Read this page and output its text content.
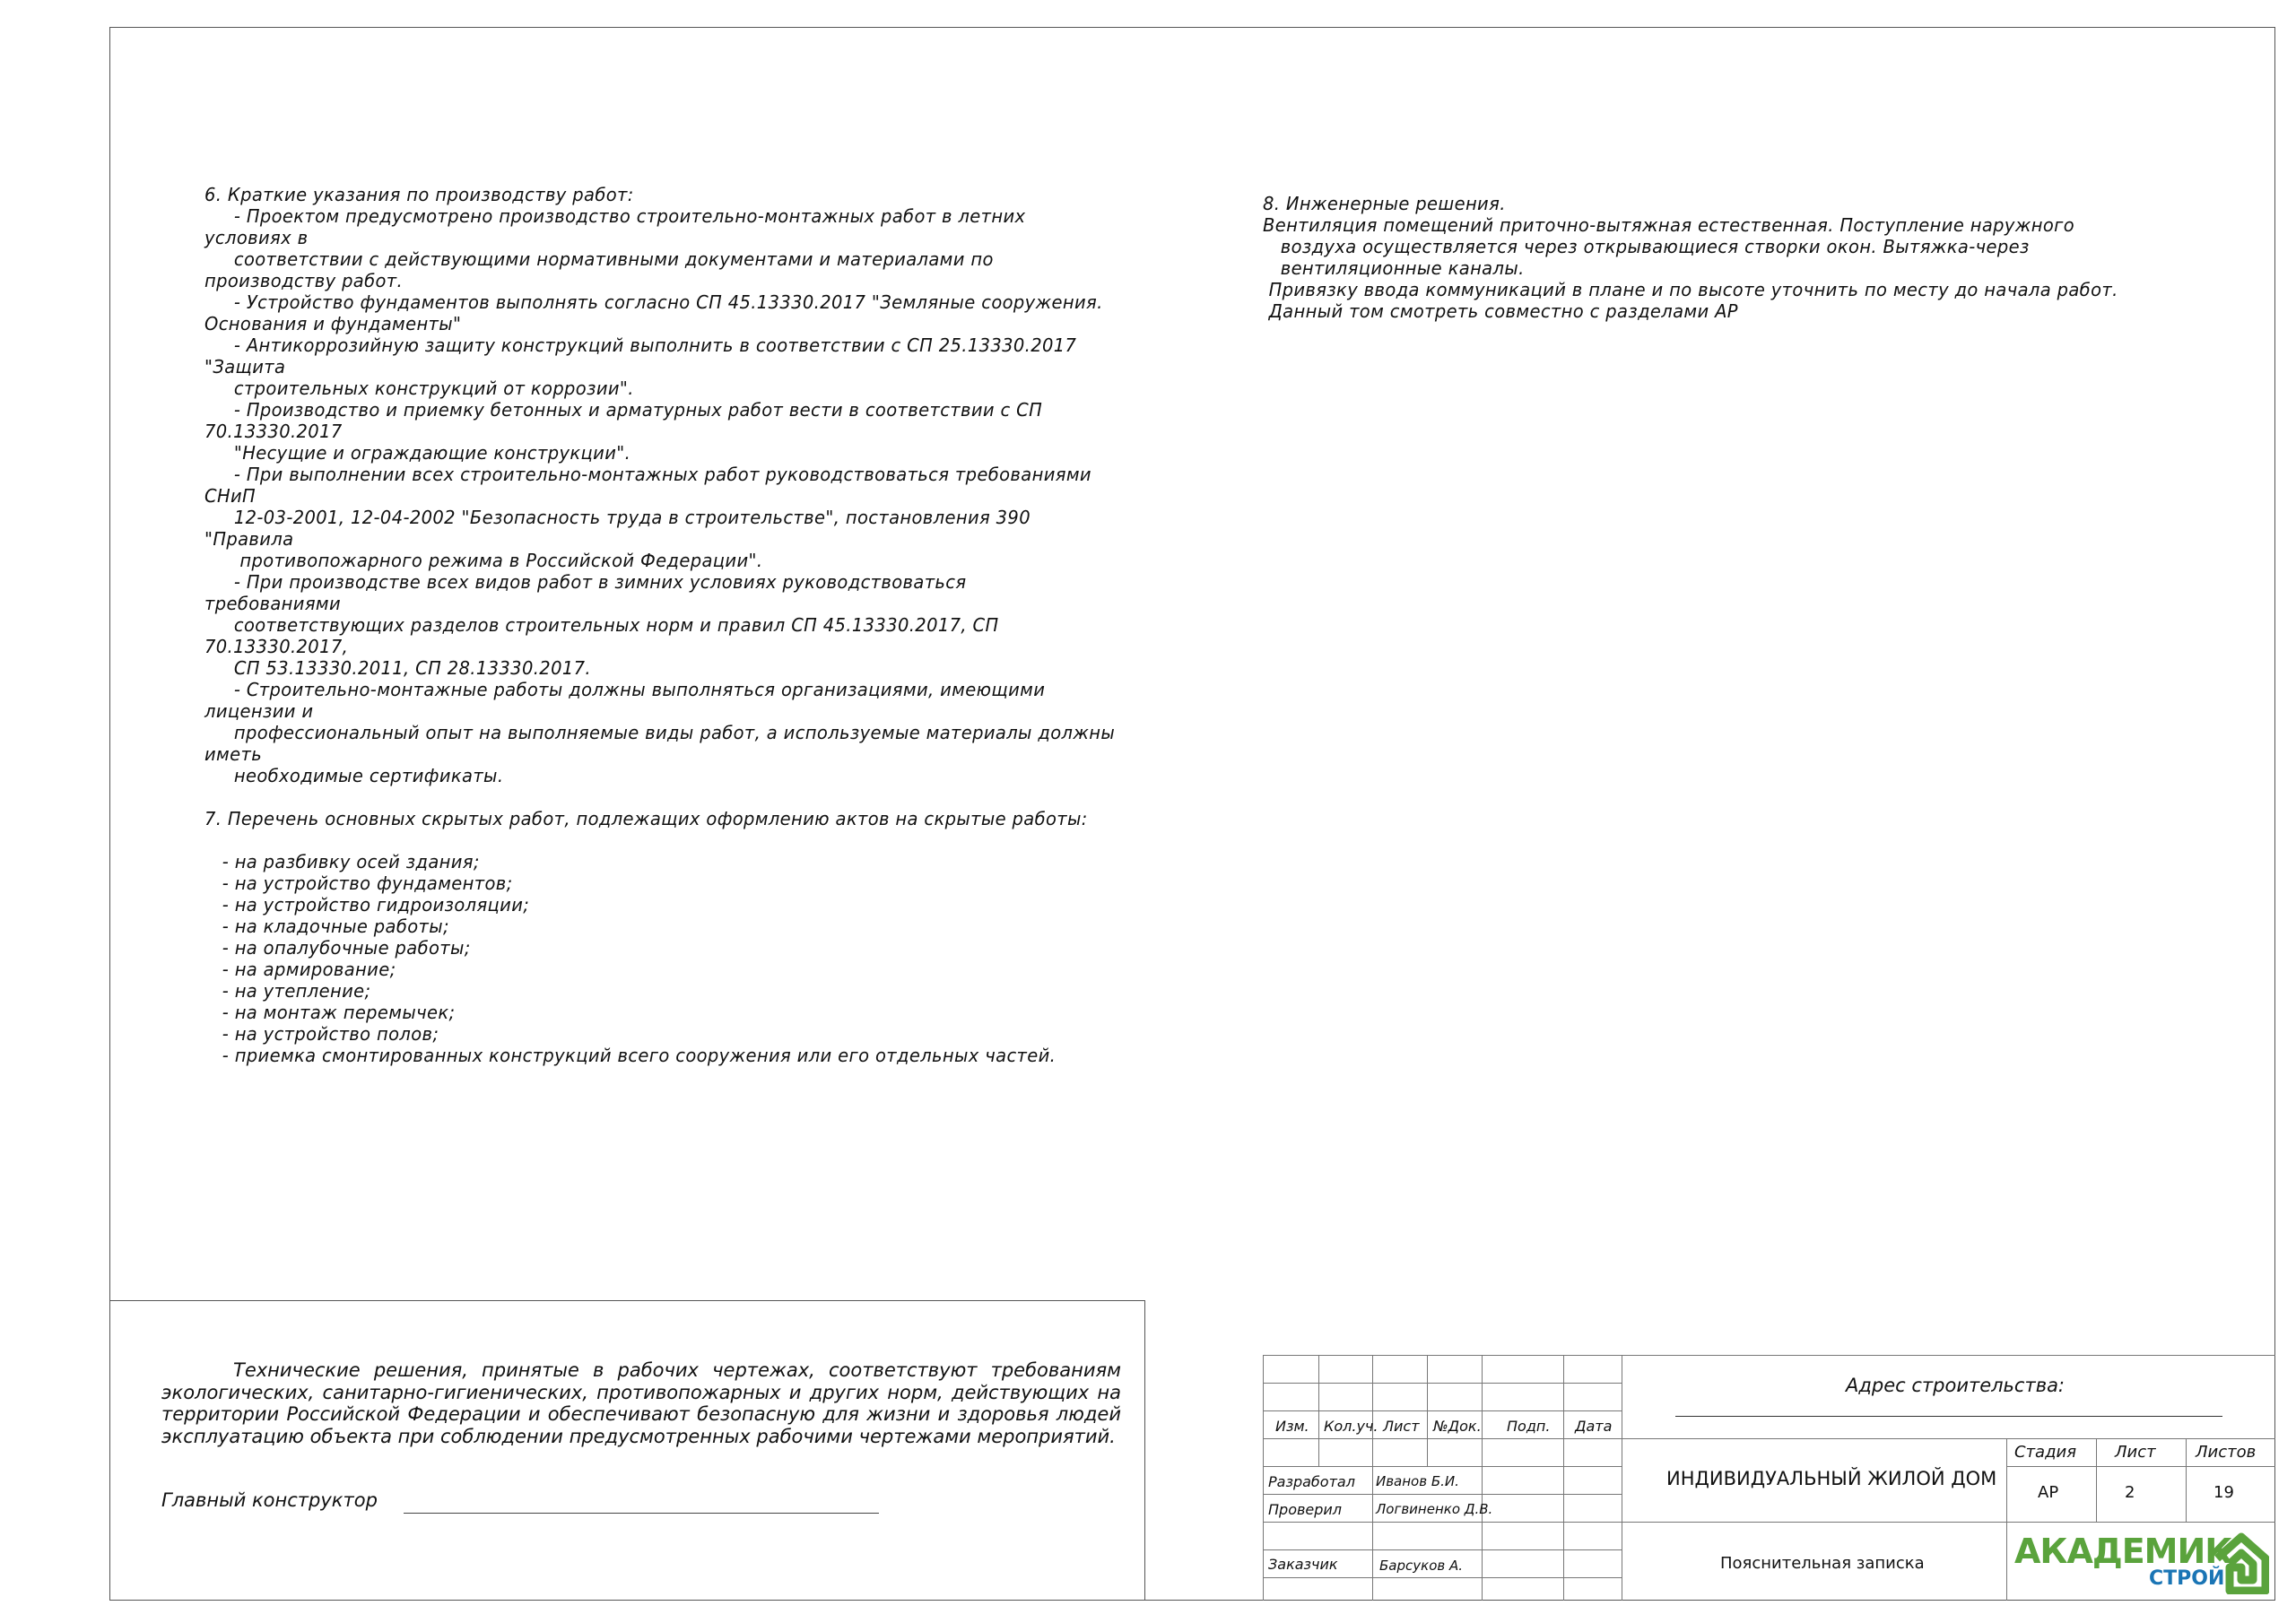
6. Краткие указания по производству работ:
- Проектом предусмотрено производство строительно-монтажных работ в летних
условиях в
соответствии с действующими нормативными документами и материалами по
производству работ.
- Устройство фундаментов выполнять согласно СП 45.13330.2017 "Земляные сооружения.
Основания и фундаменты"
- Антикоррозийную защиту конструкций выполнить в соответствии с СП 25.13330.2017
"Защита
строительных конструкций от коррозии".
- Производство и приемку бетонных и арматурных работ вести в соответствии с СП
70.13330.2017
"Несущие и ограждающие конструкции".
- При выполнении всех строительно-монтажных работ руководствоваться требованиями
СНиП
12-03-2001, 12-04-2002 "Безопасность труда в строительстве", постановления 390
"Правила
противопожарного режима в Российской Федерации".
- При производстве всех видов работ в зимних условиях руководствоваться
требованиями
соответствующих разделов строительных норм и правил СП 45.13330.2017, СП
70.13330.2017,
СП 53.13330.2011, СП 28.13330.2017.
- Строительно-монтажные работы должны выполняться организациями, имеющими
лицензии и
профессиональный опыт на выполняемые виды работ, а используемые материалы должны
иметь
необходимые сертификаты.
7. Перечень основных скрытых работ, подлежащих оформлению актов на скрытые работы:
- на разбивку осей здания;
- на устройство фундаментов;
- на устройство гидроизоляции;
- на кладочные работы;
- на опалубочные работы;
- на армирование;
- на утепление;
- на монтаж перемычек;
- на устройство полов;
- приемка смонтированных конструкций всего сооружения или его отдельных частей.
8. Инженерные решения.
Вентиляция помещений приточно-вытяжная естественная. Поступление наружного
воздуха осуществляется через открывающиеся створки окон. Вытяжка-через
вентиляционные каналы.
Привязку ввода коммуникаций в плане и по высоте уточнить по месту до начала работ.
Данный том смотреть совместно с разделами АР

Технические решения, принятые в рабочих чертежах, соответствуют требованиям экологических, санитарно-гигиенических, противопожарных и других норм, действующих на территории Российской Федерации и обеспечивают безопасную для жизни и здоровья людей эксплуатацию объекта при соблюдении предусмотренных рабочими чертежами мероприятий.

Главный конструктор
Изм. Кол.уч. Лист №Док. Подп. Дата
Разработал Иванов Б.И.
Проверил	Логвиненко Д.В.
Заказчик	Барсуков А.
Адрес строительства:
ИНДИВИДУАЛЬНЫЙ ЖИЛОЙ ДОМ
Пояснительная записка
Стадия Лист Листов
АР	2	19
АКАДЕМИК
СТРОЙ
